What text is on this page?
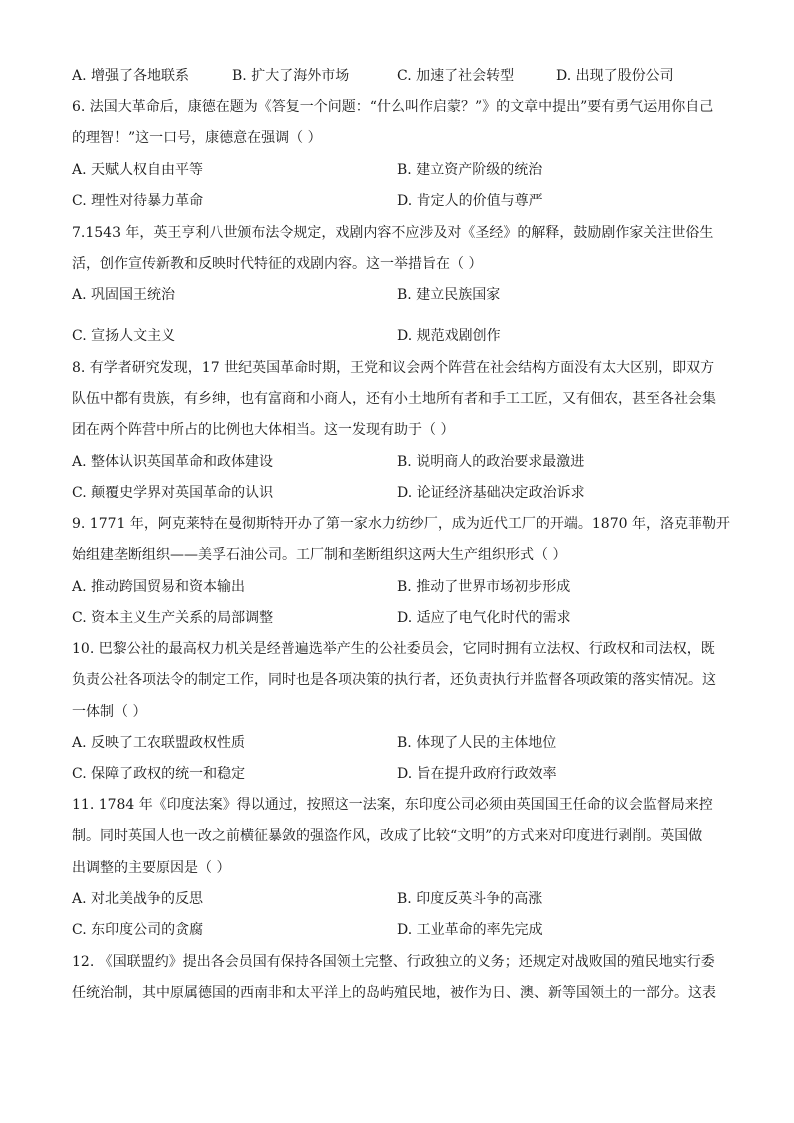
A. 增强了各地联系	B. 扩大了海外市场	C. 加速了社会转型	D. 出现了股份公司
6. 法国大革命后，康德在题为《答复一个问题：“什么叫作启蒙？”》的文章中提出”要有勇气运用你自己
的理智！”这一口号，康德意在强调（ ）
A. 天赋人权自由平等	B. 建立资产阶级的统治
C. 理性对待暴力革命	D. 肯定人的价值与尊严
7.1543 年，英王亨利八世颁布法令规定，戏剧内容不应涉及对《圣经》的解释，鼓励剧作家关注世俗生
活，创作宣传新教和反映时代特征的戏剧内容。这一举措旨在（ ）
A. 巩固国王统治	B. 建立民族国家
C. 宣扬人文主义	D. 规范戏剧创作
8. 有学者研究发现，17 世纪英国革命时期，王党和议会两个阵营在社会结构方面没有太大区别，即双方
队伍中都有贵族，有乡绅，也有富商和小商人，还有小土地所有者和手工工匠，又有佃农，甚至各社会集
团在两个阵营中所占的比例也大体相当。这一发现有助于（ ）
A. 整体认识英国革命和政体建设	B. 说明商人的政治要求最激进
C. 颠覆史学界对英国革命的认识	D. 论证经济基础决定政治诉求
9. 1771 年，阿克莱特在曼彻斯特开办了第一家水力纺纱厂，成为近代工厂的开端。1870 年，洛克菲勒开
始组建垄断组织——美孚石油公司。工厂制和垄断组织这两大生产组织形式（ ）
A. 推动跨国贸易和资本输出	B. 推动了世界市场初步形成
C. 资本主义生产关系的局部调整	D. 适应了电气化时代的需求
10. 巴黎公社的最高权力机关是经普遍选举产生的公社委员会，它同时拥有立法权、行政权和司法权，既
负责公社各项法令的制定工作，同时也是各项决策的执行者，还负责执行并监督各项政策的落实情况。这
一体制（ ）
A. 反映了工农联盟政权性质	B. 体现了人民的主体地位
C. 保障了政权的统一和稳定	D. 旨在提升政府行政效率
11. 1784 年《印度法案》得以通过，按照这一法案，东印度公司必须由英国国王任命的议会监督局来控
制。同时英国人也一改之前横征暴敛的强盗作风，改成了比较“文明”的方式来对印度进行剥削。英国做
出调整的主要原因是（ ）
A. 对北美战争的反思	B. 印度反英斗争的高涨
C. 东印度公司的贪腐	D. 工业革命的率先完成
12. 《国联盟约》提出各会员国有保持各国领土完整、行政独立的义务；还规定对战败国的殖民地实行委
任统治制，其中原属德国的西南非和太平洋上的岛屿殖民地，被作为日、澳、新等国领土的一部分。这表
